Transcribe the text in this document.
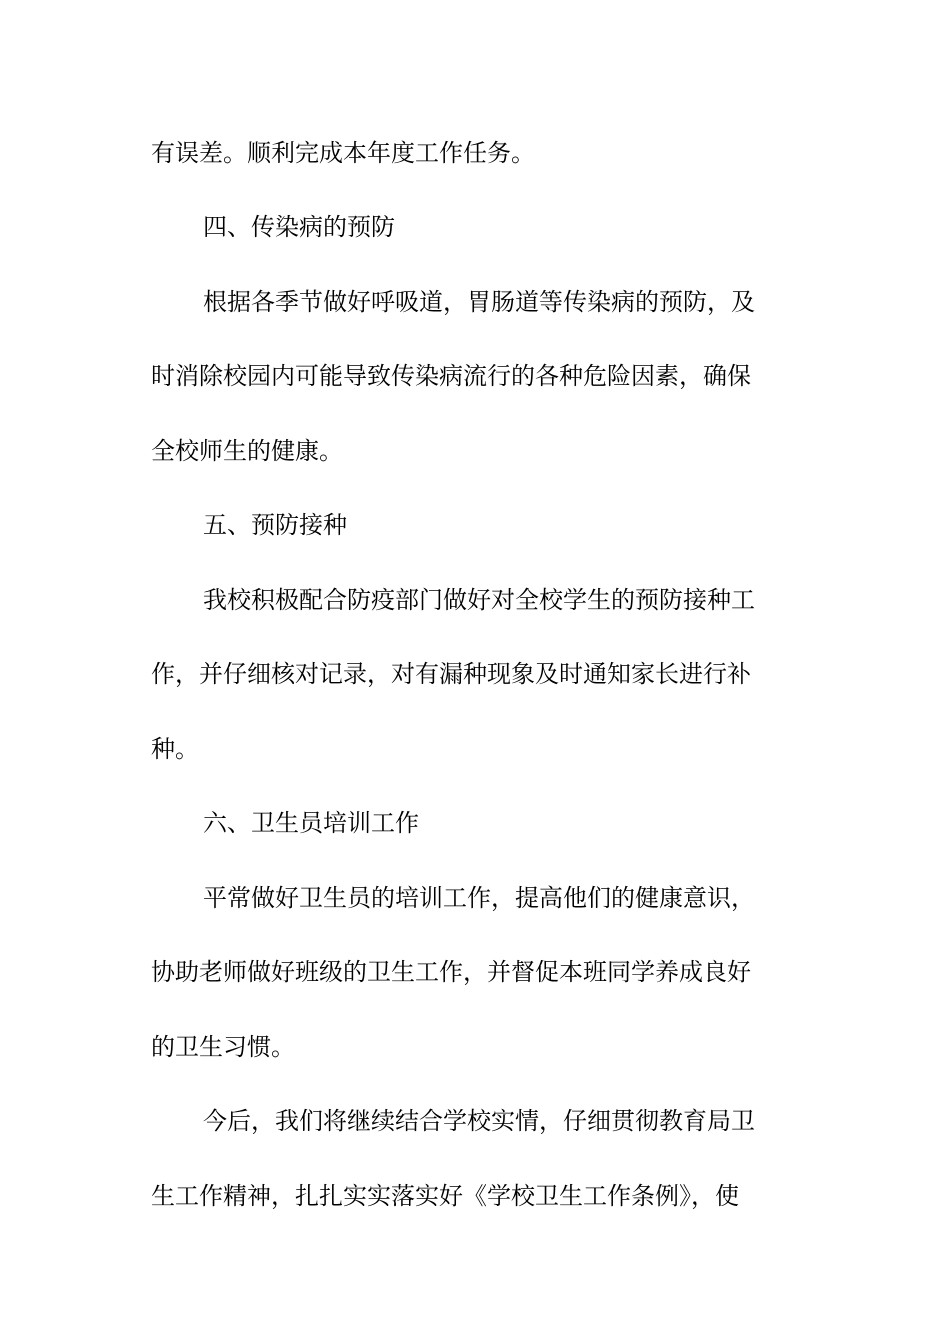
有误差。顺利完成本年度工作任务。
四、传染病的预防
根据各季节做好呼吸道，胃肠道等传染病的预防，及
时消除校园内可能导致传染病流行的各种危险因素，确保
全校师生的健康。
五、预防接种
我校积极配合防疫部门做好对全校学生的预防接种工
作，并仔细核对记录，对有漏种现象及时通知家长进行补
种。
六、卫生员培训工作
平常做好卫生员的培训工作，提高他们的健康意识，
协助老师做好班级的卫生工作，并督促本班同学养成良好
的卫生习惯。
今后，我们将继续结合学校实情，仔细贯彻教育局卫
生工作精神，扎扎实实落实好《学校卫生工作条例》，使
